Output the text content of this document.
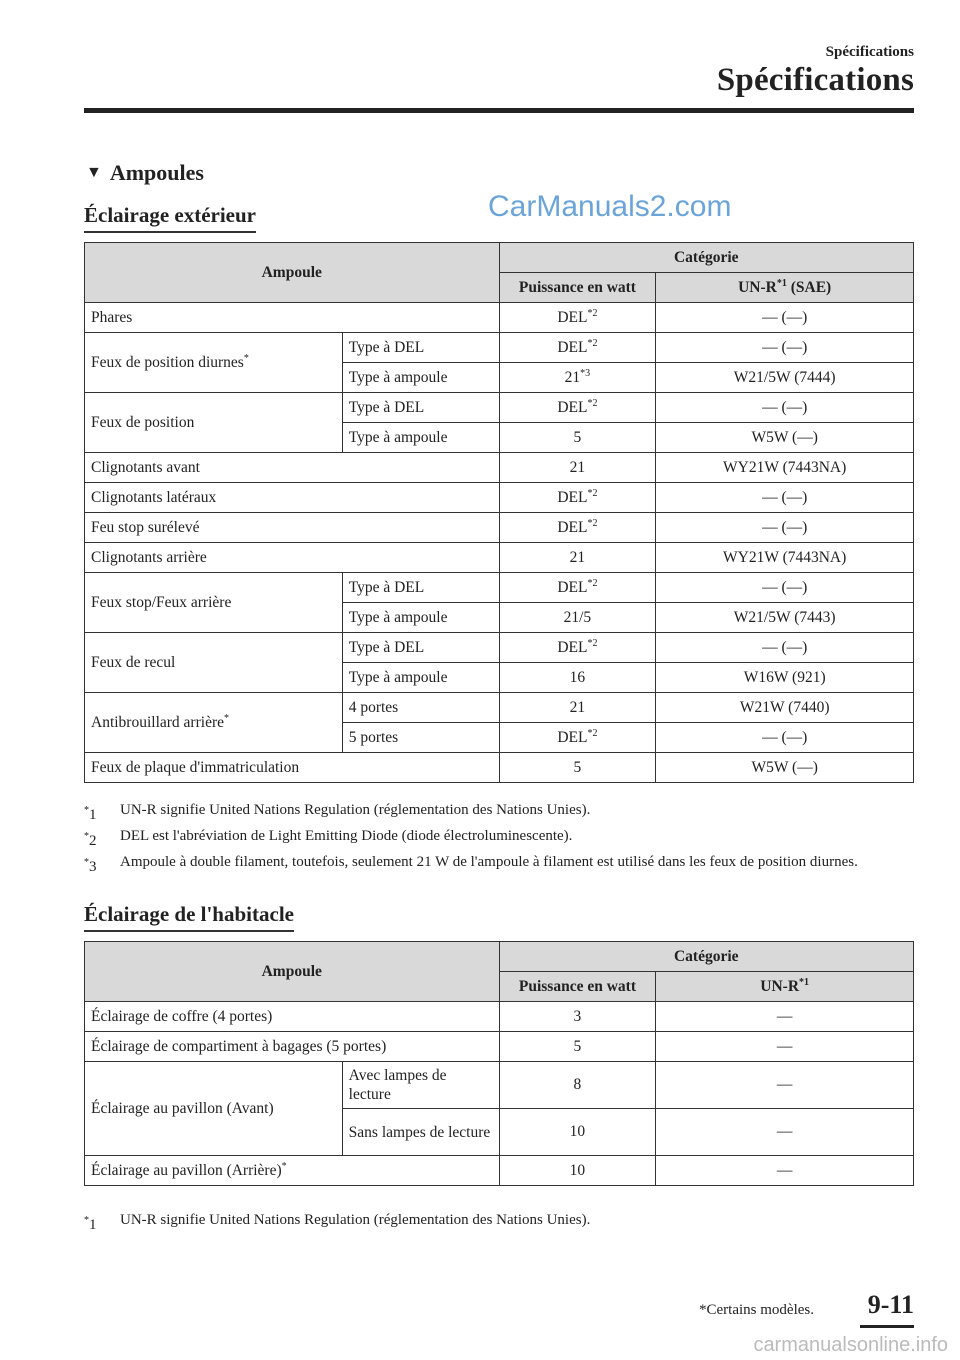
Spécifications
Spécifications
▼ Ampoules
Éclairage extérieur	CarManuals2.com
Ampoule		Catégorie	
		Puissance en watt	$UN-R^{*1}$ (SAE)
Phares		DEL$^{*2}$	— (—)
Feux de position diurnes*	Type à DEL	DEL$^{*2}$	— (—)
	Type à ampoule	21$^{*3}$	W21/5W (7444)
Feux de position	Type à DEL	DEL$^{*2}$	— (—)
	Type à ampoule	5	W5W (—)
Clignotants avant		21	WY21W (7443NA)
Clignotants latéraux		DEL$^{*2}$	— (—)
Feu stop surélevé		DEL$^{*2}$	— (—)
Clignotants arrière		21	WY21W (7443NA)
Feux stop/Feux arrière	Type à DEL	DEL$^{*2}$	— (—)
	Type à ampoule	21/5	W21/5W (7443)
Feux de recul	Type à DEL	DEL$^{*2}$	— (—)
	Type à ampoule	16	W16W (921)
Antibrouillard arrière*	4 portes	21	W21W (7440)
	5 portes	DEL$^{*2}$	— (—)
Feux de plaque d'immatriculation		5	W5W (—)
*1	UN-R signifie United Nations Regulation (réglementation des Nations Unies).
*2	DEL est l'abréviation de Light Emitting Diode (diode électroluminescente).
*3	Ampoule à double filament, toutefois, seulement 21 W de l'ampoule à filament est utilisé dans les feux de position diurnes.
Éclairage de l'habitacle
Ampoule		Catégorie	
		Puissance en watt	$UN-R^{*1}$
Éclairage de coffre (4 portes)		3	—
Éclairage de compartiment à bagages (5 portes)		5	—
Éclairage au pavillon (Avant)	Avec lampes de lecture	8	—
	Sans lampes de lecture	10	—
Éclairage au pavillon (Arrière)*		10	—
*1	UN-R signifie United Nations Regulation (réglementation des Nations Unies).
*Certains modèles. 9-11
carmanualsonline.info
